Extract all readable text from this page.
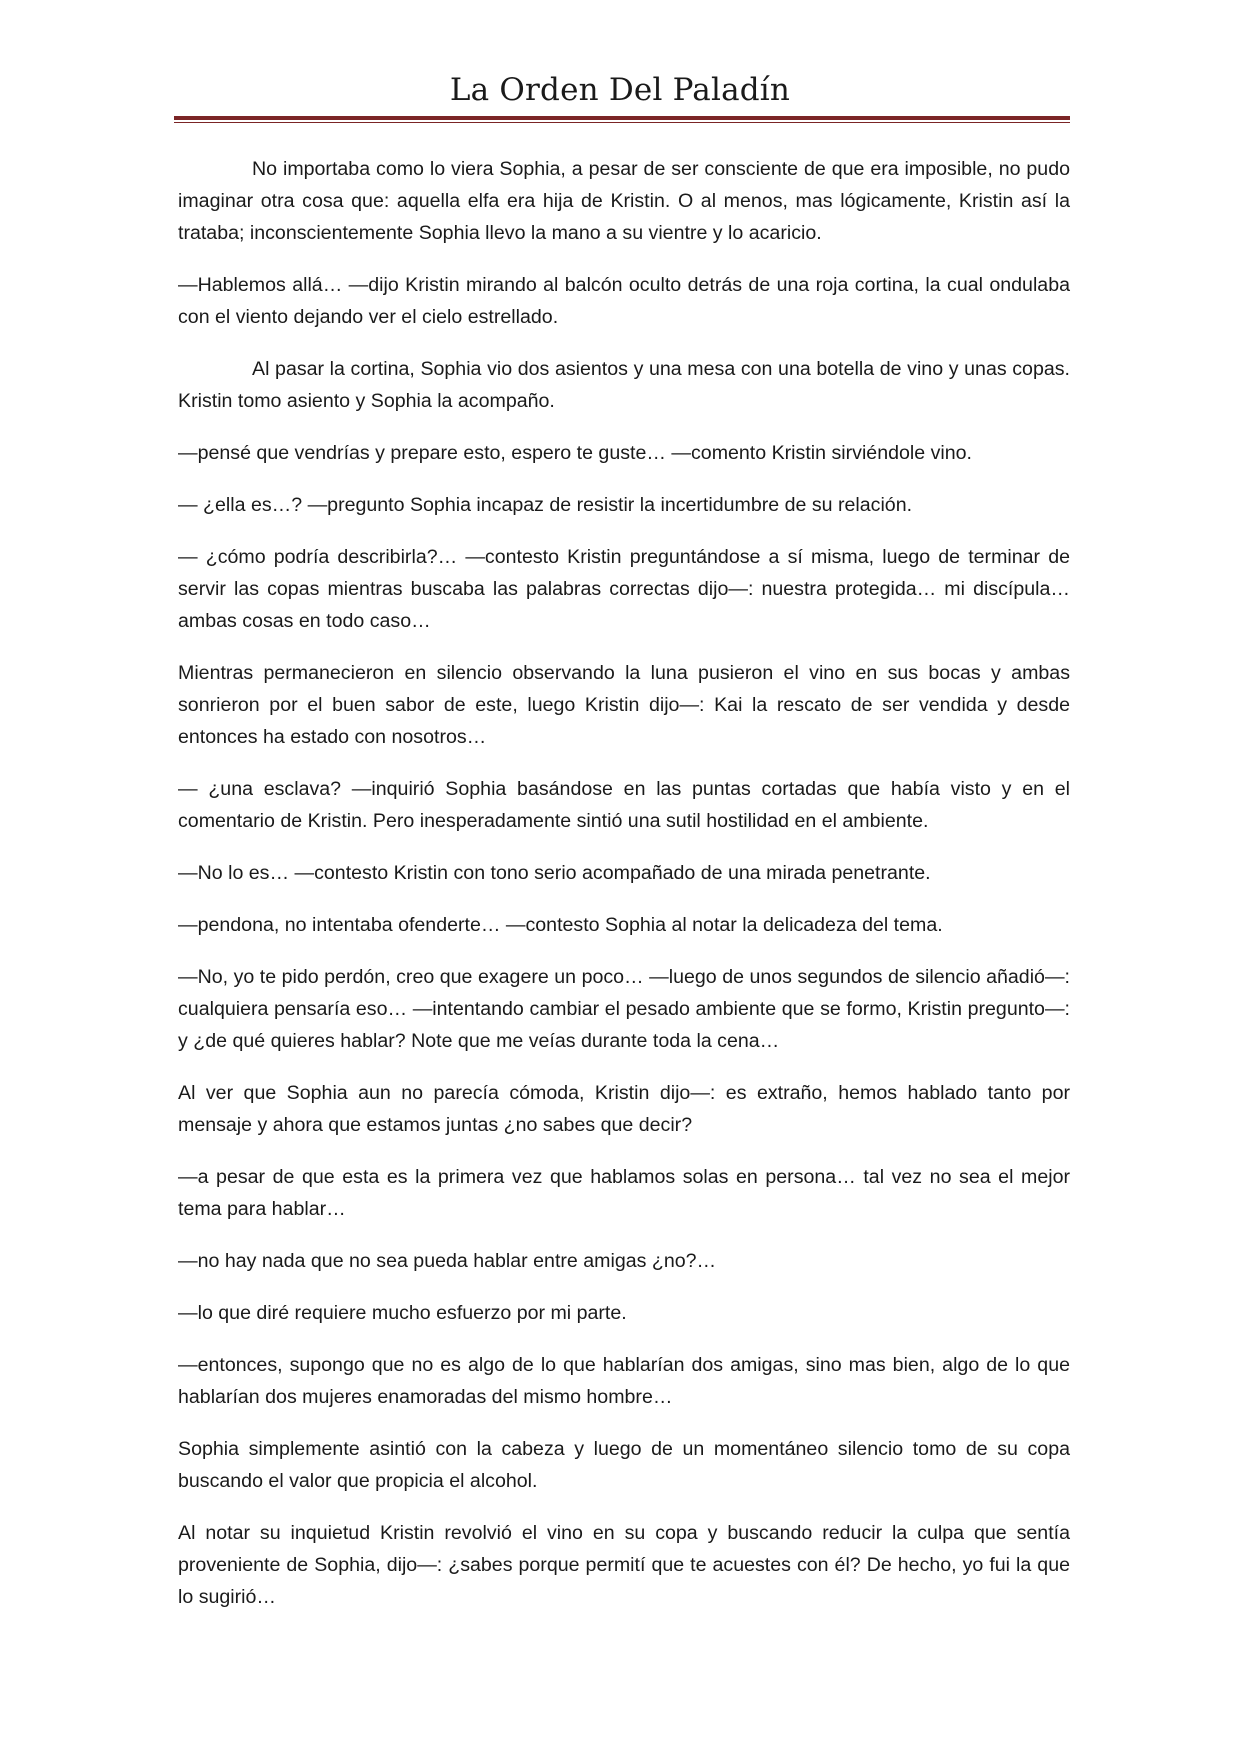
La Orden Del Paladín

No importaba como lo viera Sophia, a pesar de ser consciente de que era imposible, no pudo imaginar otra cosa que: aquella elfa era hija de Kristin. O al menos, mas lógicamente, Kristin así la trataba; inconscientemente Sophia llevo la mano a su vientre y lo acaricio.

—Hablemos allá… —dijo Kristin mirando al balcón oculto detrás de una roja cortina, la cual ondulaba con el viento dejando ver el cielo estrellado.

Al pasar la cortina, Sophia vio dos asientos y una mesa con una botella de vino y unas copas. Kristin tomo asiento y Sophia la acompaño.

—pensé que vendrías y prepare esto, espero te guste… —comento Kristin sirviéndole vino.

— ¿ella es…? —pregunto Sophia incapaz de resistir la incertidumbre de su relación.

— ¿cómo podría describirla?… —contesto Kristin preguntándose a sí misma, luego de terminar de servir las copas mientras buscaba las palabras correctas dijo—: nuestra protegida… mi discípula… ambas cosas en todo caso…

Mientras permanecieron en silencio observando la luna pusieron el vino en sus bocas y ambas sonrieron por el buen sabor de este, luego Kristin dijo—: Kai la rescato de ser vendida y desde entonces ha estado con nosotros…

— ¿una esclava? —inquirió Sophia basándose en las puntas cortadas que había visto y en el comentario de Kristin. Pero inesperadamente sintió una sutil hostilidad en el ambiente.

—No lo es… —contesto Kristin con tono serio acompañado de una mirada penetrante.

—pendona, no intentaba ofenderte… —contesto Sophia al notar la delicadeza del tema.

—No, yo te pido perdón, creo que exagere un poco… —luego de unos segundos de silencio añadió—: cualquiera pensaría eso… —intentando cambiar el pesado ambiente que se formo, Kristin pregunto—: y ¿de qué quieres hablar? Note que me veías durante toda la cena…

Al ver que Sophia aun no parecía cómoda, Kristin dijo—: es extraño, hemos hablado tanto por mensaje y ahora que estamos juntas ¿no sabes que decir?

—a pesar de que esta es la primera vez que hablamos solas en persona… tal vez no sea el mejor tema para hablar…

—no hay nada que no sea pueda hablar entre amigas ¿no?…

—lo que diré requiere mucho esfuerzo por mi parte.

—entonces, supongo que no es algo de lo que hablarían dos amigas, sino mas bien, algo de lo que hablarían dos mujeres enamoradas del mismo hombre…

Sophia simplemente asintió con la cabeza y luego de un momentáneo silencio tomo de su copa buscando el valor que propicia el alcohol.

Al notar su inquietud Kristin revolvió el vino en su copa y buscando reducir la culpa que sentía proveniente de Sophia, dijo—: ¿sabes porque permití que te acuestes con él? De hecho, yo fui la que lo sugirió…
